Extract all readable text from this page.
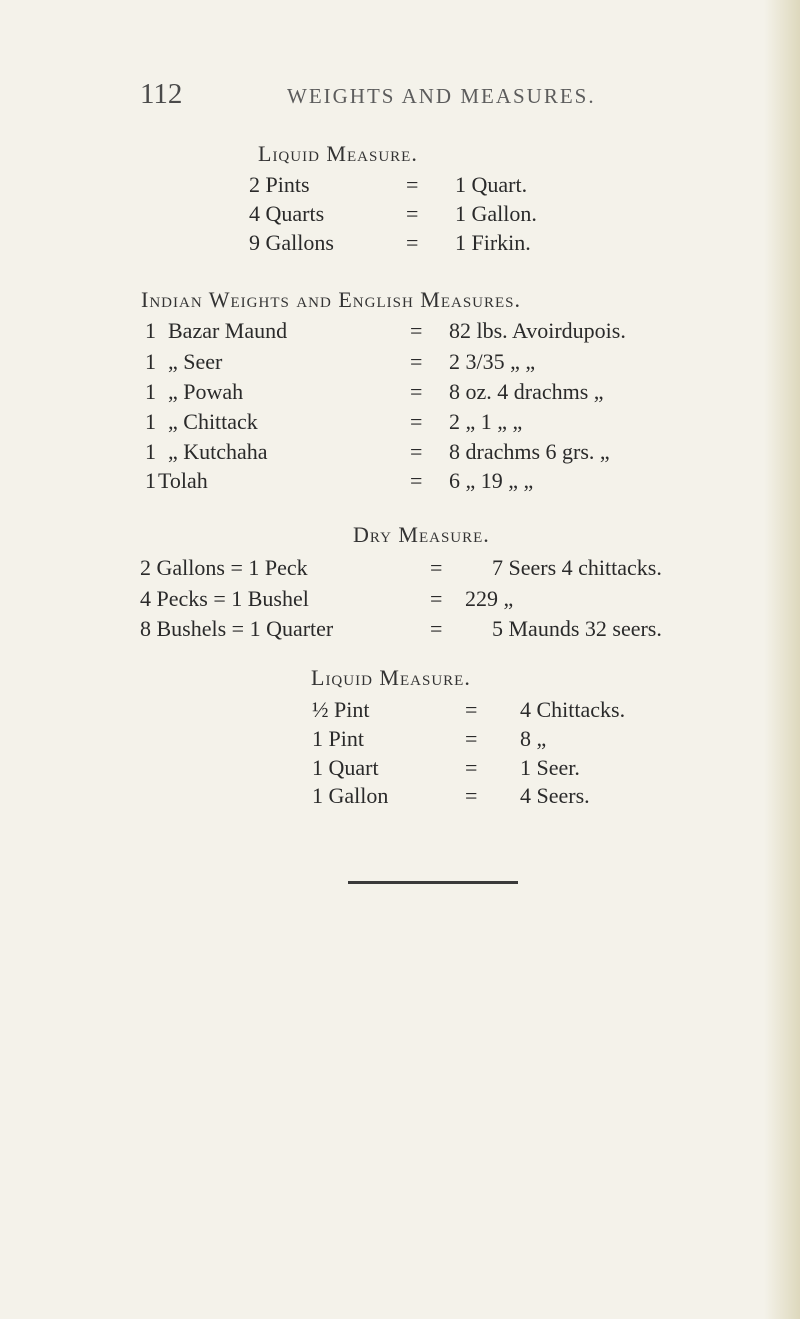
112	WEIGHTS AND MEASURES.
Liquid Measure.
2 Pints	= 1 Quart.
4 Quarts	= 1 Gallon.
9 Gallons	= 1 Firkin.
Indian Weights and English Measures.
1 Bazar Maund	= 82 lbs. Avoirdupois.
1 „ Seer	= 2 3/35 „ „
1 „ Powah	= 8 oz. 4 drachms „
1 „ Chittack	= 2 „ 1 „ „
1 „ Kutchaha	= 8 drachms 6 grs. „
1 Tolah	= 6 „ 19 „ „
Dry Measure.
2 Gallons = 1 Peck	= 7 Seers 4 chittacks.
4 Pecks = 1 Bushel	= 229 „
8 Bushels = 1 Quarter	= 5 Maunds 32 seers.
Liquid Measure.
½ Pint	= 4 Chittacks.
1 Pint	= 8 „
1 Quart	= 1 Seer.
1 Gallon	= 4 Seers.
